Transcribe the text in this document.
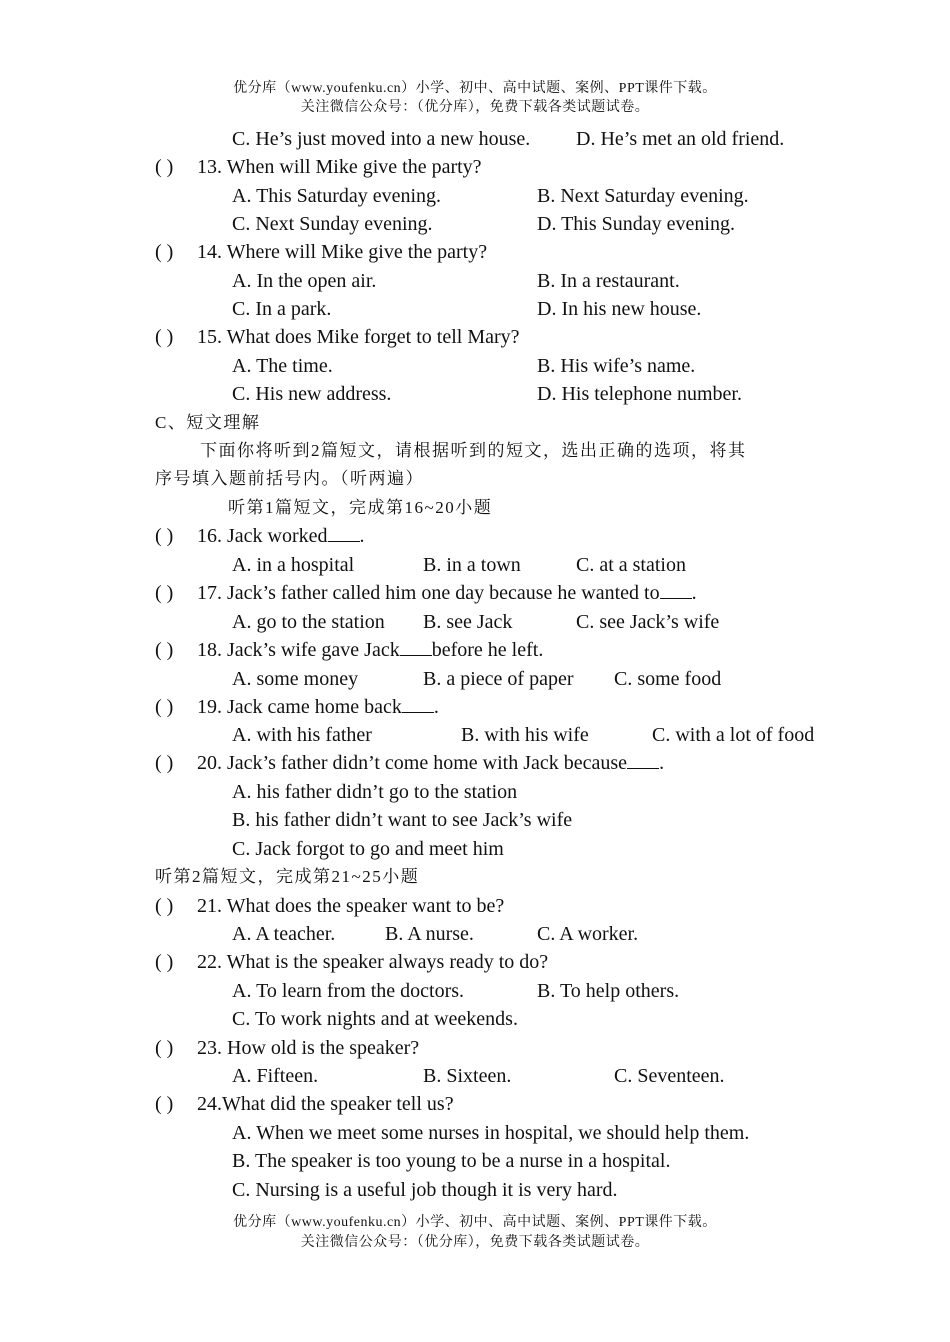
优分库（www.youfenku.cn）小学、初中、高中试题、案例、PPT课件下载。
关注微信公众号：（优分库），免费下载各类试题试卷。
C. He’s just moved into a new house. D. He’s met an old friend.
( ) 13. When will Mike give the party?
A. This Saturday evening.	B. Next Saturday evening.
C. Next Sunday evening.	D. This Sunday evening.
( ) 14. Where will Mike give the party?
A. In the open air.	B. In a restaurant.
C. In a park.	D. In his new house.
( ) 15. What does Mike forget to tell Mary?
A. The time.	B. His wife’s name.
C. His new address.	D. His telephone number.
C、短文理解
下面你将听到2篇短文，请根据听到的短文，选出正确的选项，将其
序号填入题前括号内。（听两遍）
听第1篇短文，完成第16~20小题
( ) 16. Jack worked .
A. in a hospital	B. in a town	C. at a station
( ) 17. Jack’s father called him one day because he wanted to .
A. go to the station B. see Jack	C. see Jack’s wife
( ) 18. Jack’s wife gave Jack before he left.
A. some money	B. a piece of paper C. some food
( ) 19. Jack came home back .
A. with his father	B. with his wife	C. with a lot of food
( ) 20. Jack’s father didn’t come home with Jack because .
A. his father didn’t go to the station
B. his father didn’t want to see Jack’s wife
C. Jack forgot to go and meet him
听第2篇短文，完成第21~25小题
( ) 21. What does the speaker want to be?
A. A teacher. B. A nurse.	C. A worker.
( ) 22. What is the speaker always ready to do?
A. To learn from the doctors.	B. To help others.
C. To work nights and at weekends.
( ) 23. How old is the speaker?
A. Fifteen.	B. Sixteen.	C. Seventeen.
( ) 24.What did the speaker tell us?
A. When we meet some nurses in hospital, we should help them.
B. The speaker is too young to be a nurse in a hospital.
C. Nursing is a useful job though it is very hard.
优分库（www.youfenku.cn）小学、初中、高中试题、案例、PPT课件下载。
关注微信公众号：（优分库），免费下载各类试题试卷。
